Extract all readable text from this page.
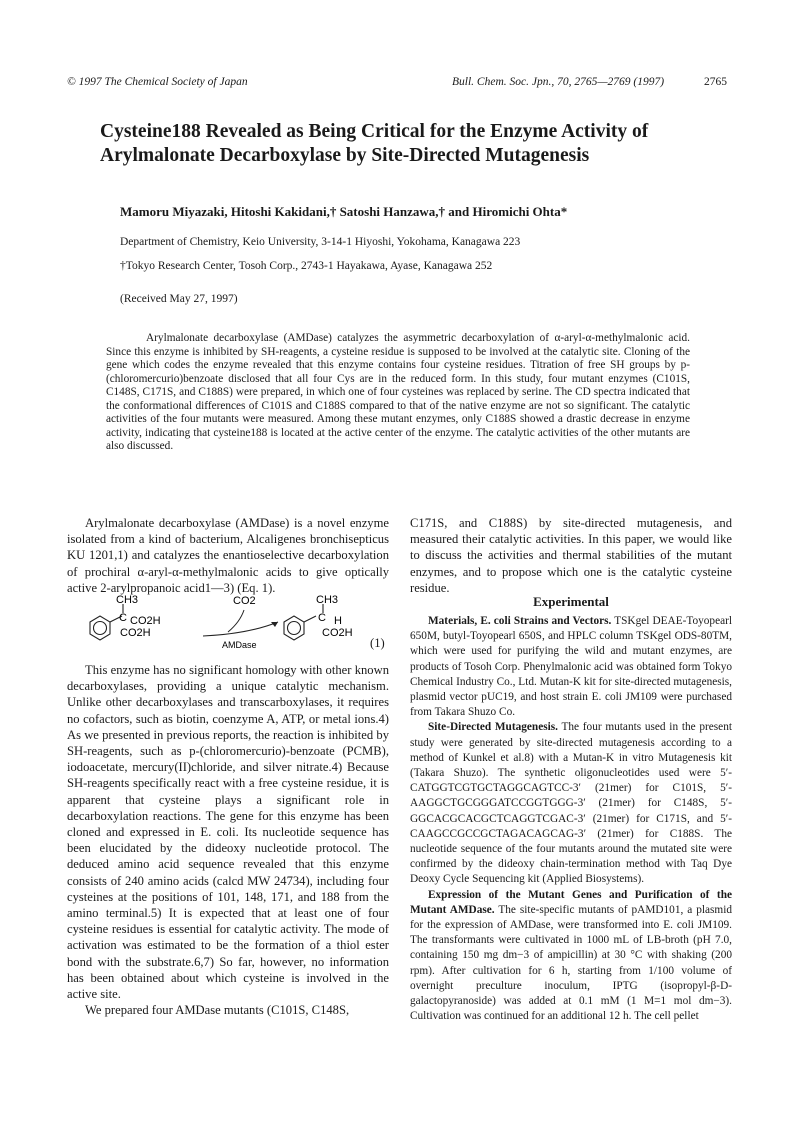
© 1997 The Chemical Society of Japan	Bull. Chem. Soc. Jpn., 70, 2765—2769 (1997)	2765
Cysteine188 Revealed as Being Critical for the Enzyme Activity of Arylmalonate Decarboxylase by Site-Directed Mutagenesis
Mamoru Miyazaki, Hitoshi Kakidani,† Satoshi Hanzawa,† and Hiromichi Ohta*
Department of Chemistry, Keio University, 3-14-1 Hiyoshi, Yokohama, Kanagawa 223
†Tokyo Research Center, Tosoh Corp., 2743-1 Hayakawa, Ayase, Kanagawa 252
(Received May 27, 1997)

Arylmalonate decarboxylase (AMDase) catalyzes the asymmetric decarboxylation of α-aryl-α-methylmalonic acid. Since this enzyme is inhibited by SH-reagents, a cysteine residue is supposed to be involved at the catalytic site. Cloning of the gene which codes the enzyme revealed that this enzyme contains four cysteine residues. Titration of free SH groups by p-(chloromercurio)benzoate disclosed that all four Cys are in the reduced form. In this study, four mutant enzymes (C101S, C148S, C171S, and C188S) were prepared, in which one of four cysteines was replaced by serine. The CD spectra indicated that the conformational differences of C101S and C188S compared to that of the native enzyme are not so significant. The catalytic activities of the four mutants were measured. Among these mutant enzymes, only C188S showed a drastic decrease in enzyme activity, indicating that cysteine188 is located at the active center of the enzyme. The catalytic activities of the other mutants are also discussed.

Arylmalonate decarboxylase (AMDase) is a novel enzyme isolated from a kind of bacterium, Alcaligenes bronchisepticus KU 1201,1) and catalyzes the enantioselective decarboxylation of prochiral α-aryl-α-methylmalonic acids to give optically active 2-arylpropanoic acid1—3) (Eq. 1).

CH3
C CO2H
CO2H
CO2
AMDase
CH3
C H
CO2H
(1)

This enzyme has no significant homology with other known decarboxylases, providing a unique catalytic mechanism. Unlike other decarboxylases and transcarboxylases, it requires no cofactors, such as biotin, coenzyme A, ATP, or metal ions.4) As we presented in previous reports, the reaction is inhibited by SH-reagents, such as p-(chloromercurio)-benzoate (PCMB), iodoacetate, mercury(II)chloride, and silver nitrate.4) Because SH-reagents specifically react with a free cysteine residue, it is apparent that cysteine plays a significant role in decarboxylation reactions. The gene for this enzyme has been cloned and expressed in E. coli. Its nucleotide sequence has been elucidated by the dideoxy nucleotide protocol. The deduced amino acid sequence revealed that this enzyme consists of 240 amino acids (calcd MW 24734), including four cysteines at the positions of 101, 148, 171, and 188 from the amino terminal.5) It is expected that at least one of four cysteine residues is essential for catalytic activity. The mode of activation was estimated to be the formation of a thiol ester bond with the substrate.6,7) So far, however, no information has been obtained about which cysteine is involved in the active site.

We prepared four AMDase mutants (C101S, C148S,

C171S, and C188S) by site-directed mutagenesis, and measured their catalytic activities. In this paper, we would like to discuss the activities and thermal stabilities of the mutant enzymes, and to propose which one is the catalytic cysteine residue.

Experimental

Materials, E. coli Strains and Vectors. TSKgel DEAE-Toyopearl 650M, butyl-Toyopearl 650S, and HPLC column TSKgel ODS-80TM, which were used for purifying the wild and mutant enzymes, are products of Tosoh Corp. Phenylmalonic acid was obtained form Tokyo Chemical Industry Co., Ltd. Mutan-K kit for site-directed mutagenesis, plasmid vector pUC19, and host strain E. coli JM109 were purchased from Takara Shuzo Co.

Site-Directed Mutagenesis. The four mutants used in the present study were generated by site-directed mutagenesis according to a method of Kunkel et al.8) with a Mutan-K in vitro Mutagenesis kit (Takara Shuzo). The synthetic oligonucleotides used were 5′-CATGGTCGTGCTAGGCAGTCC-3′ (21mer) for C101S, 5′-AAGGCTGCGGGATCCGGTGGG-3′ (21mer) for C148S, 5′-GGCACGCACGCTCAGGTCGAC-3′ (21mer) for C171S, and 5′-CAAGCCGCCGCTAGACAGCAG-3′ (21mer) for C188S. The nucleotide sequence of the four mutants around the mutated site were confirmed by the dideoxy chain-termination method with Taq Dye Deoxy Cycle Sequencing kit (Applied Biosystems).

Expression of the Mutant Genes and Purification of the Mutant AMDase. The site-specific mutants of pAMD101, a plasmid for the expression of AMDase, were transformed into E. coli JM109. The transformants were cultivated in 1000 mL of LB-broth (pH 7.0, containing 150 mg dm−3 of ampicillin) at 30 °C with shaking (200 rpm). After cultivation for 6 h, starting from 1/100 volume of overnight preculture inoculum, IPTG (isopropyl-β-D-galactopyranoside) was added at 0.1 mM (1 M=1 mol dm−3). Cultivation was continued for an additional 12 h. The cell pellet
